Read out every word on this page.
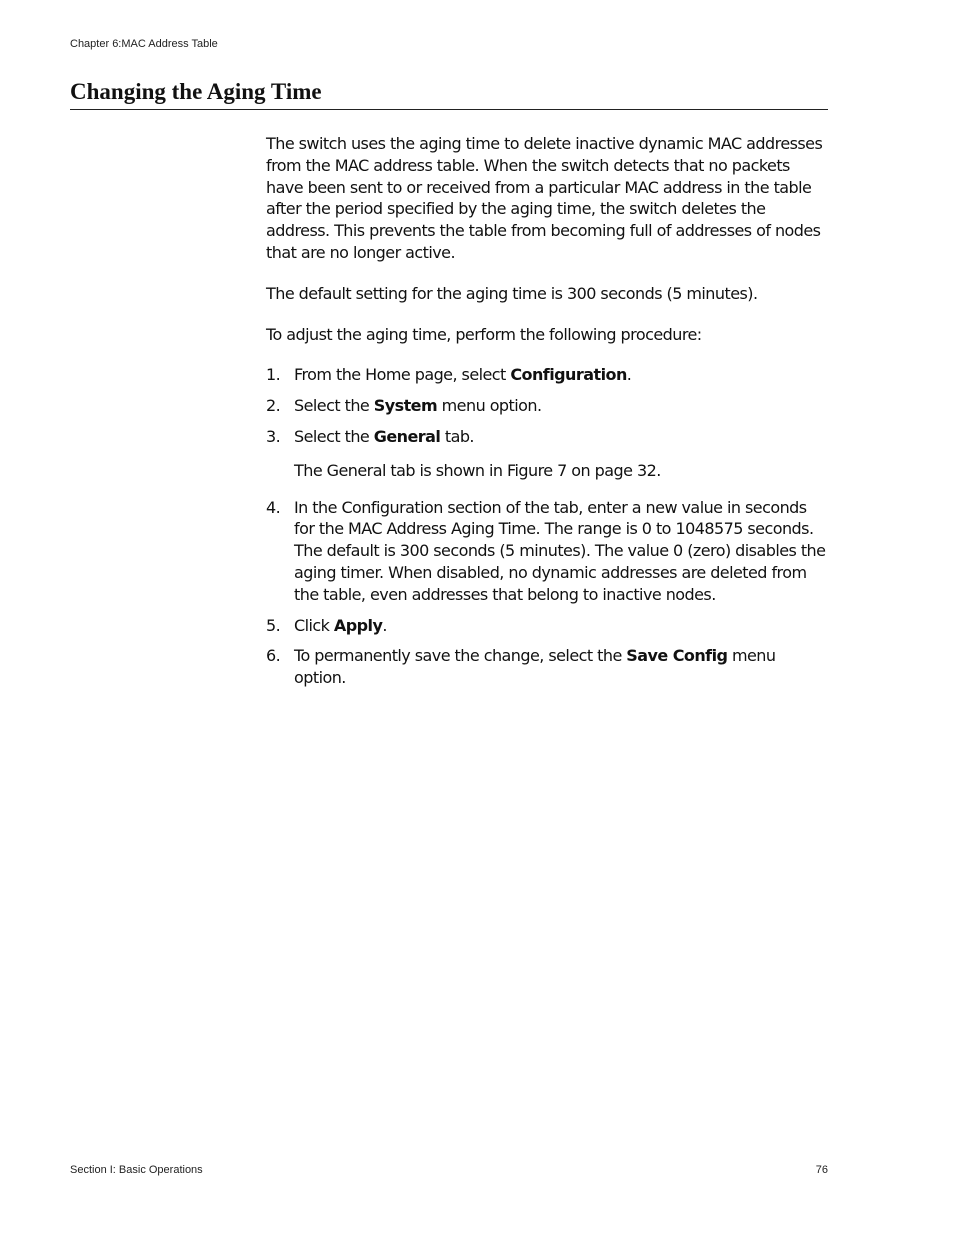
Chapter 6:MAC Address Table
Changing the Aging Time

The switch uses the aging time to delete inactive dynamic MAC addresses from the MAC address table. When the switch detects that no packets have been sent to or received from a particular MAC address in the table after the period specified by the aging time, the switch deletes the address. This prevents the table from becoming full of addresses of nodes that are no longer active.

The default setting for the aging time is 300 seconds (5 minutes).

To adjust the aging time, perform the following procedure:

1. From the Home page, select Configuration.
2. Select the System menu option.
3. Select the General tab.
The General tab is shown in Figure 7 on page 32.
4. In the Configuration section of the tab, enter a new value in seconds for the MAC Address Aging Time. The range is 0 to 1048575 seconds. The default is 300 seconds (5 minutes). The value 0 (zero) disables the aging timer. When disabled, no dynamic addresses are deleted from the table, even addresses that belong to inactive nodes.
5. Click Apply.
6. To permanently save the change, select the Save Config menu option.
Section I: Basic Operations	76
